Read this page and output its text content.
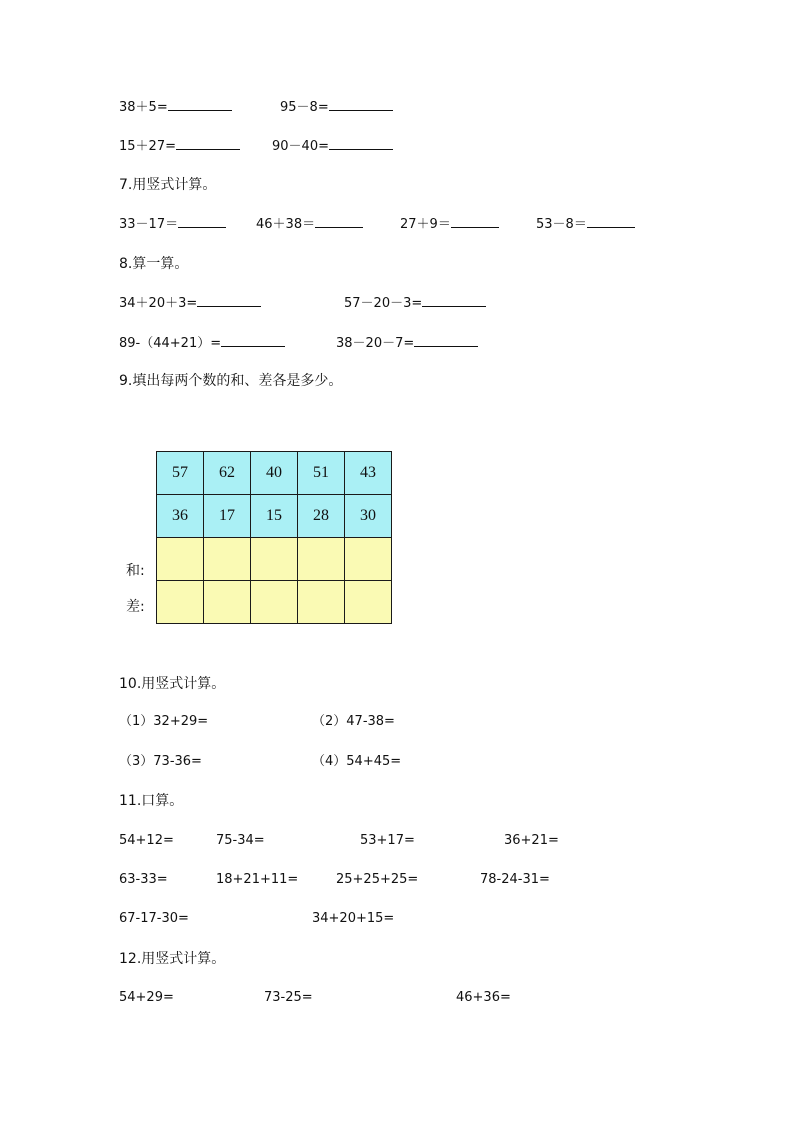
38＋5=	95－8=
15＋27=	90－40=
7.用竖式计算。
33－17＝	46＋38＝	27＋9＝	53－8＝
8.算一算。
34＋20＋3=	57－20－3=
89-（44+21）=	38－20－7=
9.填出每两个数的和、差各是多少。
57	62	40	51	43
36	17	15	28	30

和:
差:
10.用竖式计算。
（1）32+29=	（2）47-38=
（3）73-36=	（4）54+45=
11.口算。
54+12=	75-34=	53+17=	36+21=
63-33=	18+21+11=	25+25+25=	78-24-31=
67-17-30=	34+20+15=
12.用竖式计算。
54+29=	73-25=	46+36=
